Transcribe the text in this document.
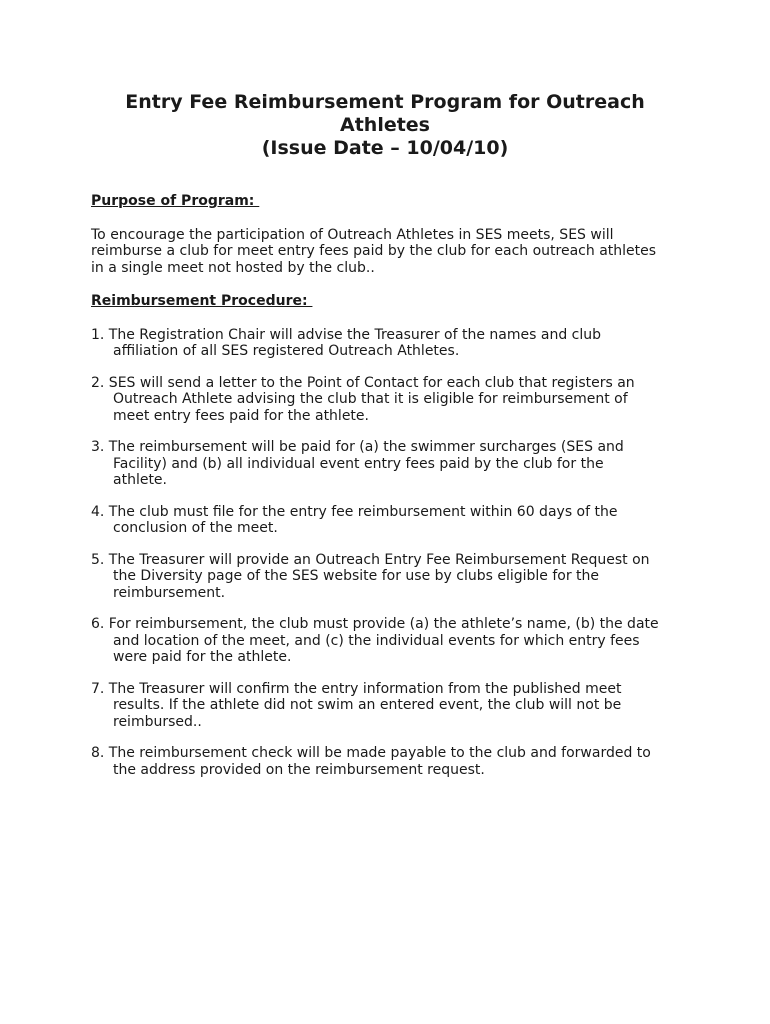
Entry Fee Reimbursement Program for Outreach
Athletes
(Issue Date – 10/04/10)
Purpose of Program:
To encourage the participation of Outreach Athletes in SES meets, SES will
reimburse a club for meet entry fees paid by the club for each outreach athletes
in a single meet not hosted by the club..
Reimbursement Procedure:
1. The Registration Chair will advise the Treasurer of the names and club
affiliation of all SES registered Outreach Athletes.
2. SES will send a letter to the Point of Contact for each club that registers an
Outreach Athlete advising the club that it is eligible for reimbursement of
meet entry fees paid for the athlete.
3. The reimbursement will be paid for (a) the swimmer surcharges (SES and
Facility) and (b) all individual event entry fees paid by the club for the
athlete.
4. The club must file for the entry fee reimbursement within 60 days of the
conclusion of the meet.
5. The Treasurer will provide an Outreach Entry Fee Reimbursement Request on
the Diversity page of the SES website for use by clubs eligible for the
reimbursement.
6. For reimbursement, the club must provide (a) the athlete’s name, (b) the date
and location of the meet, and (c) the individual events for which entry fees
were paid for the athlete.
7. The Treasurer will confirm the entry information from the published meet
results. If the athlete did not swim an entered event, the club will not be
reimbursed..
8. The reimbursement check will be made payable to the club and forwarded to
the address provided on the reimbursement request.
